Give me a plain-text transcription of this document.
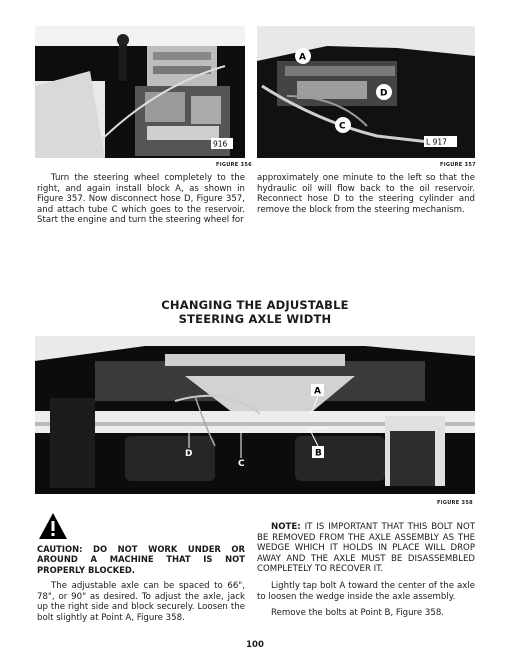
916
FIGURE 356
A
D
C
L 917
FIGURE 357

Turn the steering wheel completely to the right, and again install block A, as shown in Figure 357. Now disconnect hose D, Figure 357, and attach tube C which goes to the reservoir. Start the engine and turn the steering wheel for

approximately one minute to the left so that the hydraulic oil will flow back to the oil reservoir. Reconnect hose D to the steering cylinder and remove the block from the steering mechanism.

CHANGING THE ADJUSTABLE
STEERING AXLE WIDTH
A
B
C
D
FIGURE 358

CAUTION: DO NOT WORK UNDER OR AROUND A MACHINE THAT IS NOT PROPERLY BLOCKED.

The adjustable axle can be spaced to 66", 78", or 90" as desired. To adjust the axle, jack up the right side and block securely. Loosen the bolt slightly at Point A, Figure 358.

NOTE: IT IS IMPORTANT THAT THIS BOLT NOT BE REMOVED FROM THE AXLE ASSEMBLY AS THE WEDGE WHICH IT HOLDS IN PLACE WILL DROP AWAY AND THE AXLE MUST BE DISASSEMBLED COMPLETELY TO RECOVER IT.

Lightly tap bolt A toward the center of the axle to loosen the wedge inside the axle assembly.

Remove the bolts at Point B, Figure 358.

100
